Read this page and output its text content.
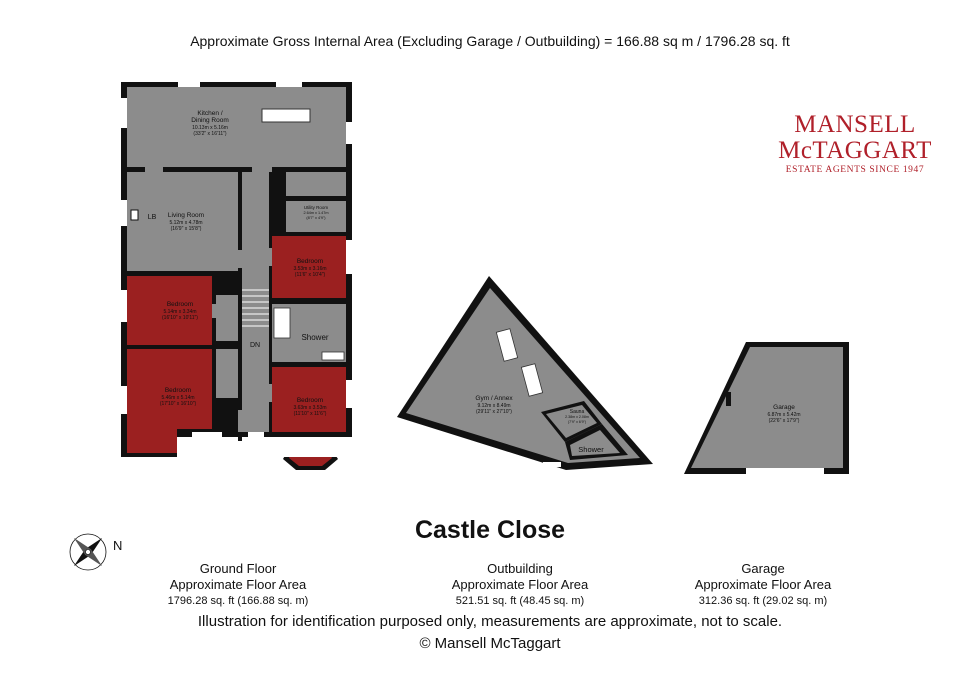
Approximate Gross Internal Area (Excluding Garage / Outbuilding) = 166.88 sq m / 1796.28 sq. ft
MANSELL
McTAGGART
ESTATE AGENTS SINCE 1947
Kitchen /
Dining Room
10.13m x 5.16m
(33'2" x 16'11")
Living Room
5.12m x 4.78m
(16'9" x 15'8")
LB
Utility Room
2.64m x 1.47m
(8'7" x 4'9")
Bedroom
3.53m x 3.16m
(11'6" x 10'4")
Bedroom
5.14m x 3.34m
(16'10" x 10'11")
Shower
DN
Bedroom
5.46m x 5.14m
(17'10" x 16'10")	Bedroom
3.63m x 3.53m
(11'10" x 11'6")
Gym / Annex
9.12m x 8.49m
(29'11" x 27'10")	Sauna
2.38m x 2.08m
(7'9" x 6'9")
Shower
Garage
6.87m x 5.42m
(22'6" x 17'9")
N
Castle Close
Ground Floor
Approximate Floor Area
1796.28 sq. ft (166.88 sq. m)
Outbuilding
Approximate Floor Area
521.51 sq. ft (48.45 sq. m)
Garage
Approximate Floor Area
312.36 sq. ft (29.02 sq. m)
Illustration for identification purposed only, measurements are approximate, not to scale.
© Mansell McTaggart
